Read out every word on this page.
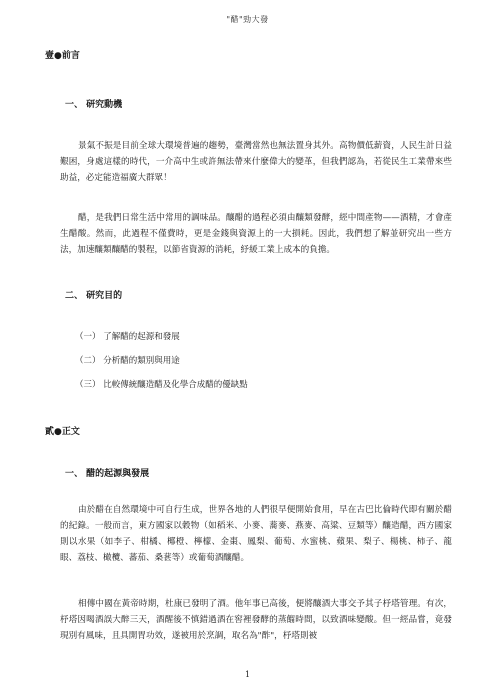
"醋"勁大發
壹●前言
一、 研究動機
景氣不振是目前全球大環境普遍的趨勢，臺灣當然也無法置身其外。高物價低薪資，人民生計日益艱困，身處這樣的時代，一介高中生或許無法帶來什麼偉大的變革，但我們認為，若從民生工業帶來些助益，必定能造福廣大群眾！
醋，是我們日常生活中常用的調味品。釀醋的過程必須由釀類發酵，經中間產物——酒精，才會產生醋酸。然而，此過程不僅費時，更是金錢與資源上的一大損耗。因此，我們想了解並研究出一些方法，加速釀類釀醋的製程，以節省資源的消耗，紓緩工業上成本的負擔。
二、 研究目的
（一） 了解醋的起源和發展
（二） 分析醋的類別與用途
（三） 比較傳統釀造醋及化學合成醋的優缺點
貳●正文
一、 醋的起源與發展
由於醋在自然環境中可自行生成，世界各地的人們很早便開始食用，早在古巴比倫時代即有關於醋的紀錄。一般而言，東方國家以穀物（如稻米、小麥、蕎麥、燕麥、高粱、豆類等）釀造醋，西方國家則以水果（如李子、柑橘、椰橙、檸檬、金棗、鳳梨、葡萄、水蜜桃、蘋果、梨子、楊桃、柿子、龍眼、荔枝、橄欖、蕃茄、桑葚等）或葡萄酒釀醋。
相傳中國在黃帝時期，杜康已發明了酒。他年事已高後，便將釀酒大事交予其子杼塔管理。有次，杼塔因喝酒誤大醉三天，酒醒後不慎錯過酒在窖裡發酵的蒸餾時間，以致酒味變酸。但一經品嘗，竟發現別有風味，且具開胃功效，遂被用於烹調，取名為"酢"，杼塔則被
1
